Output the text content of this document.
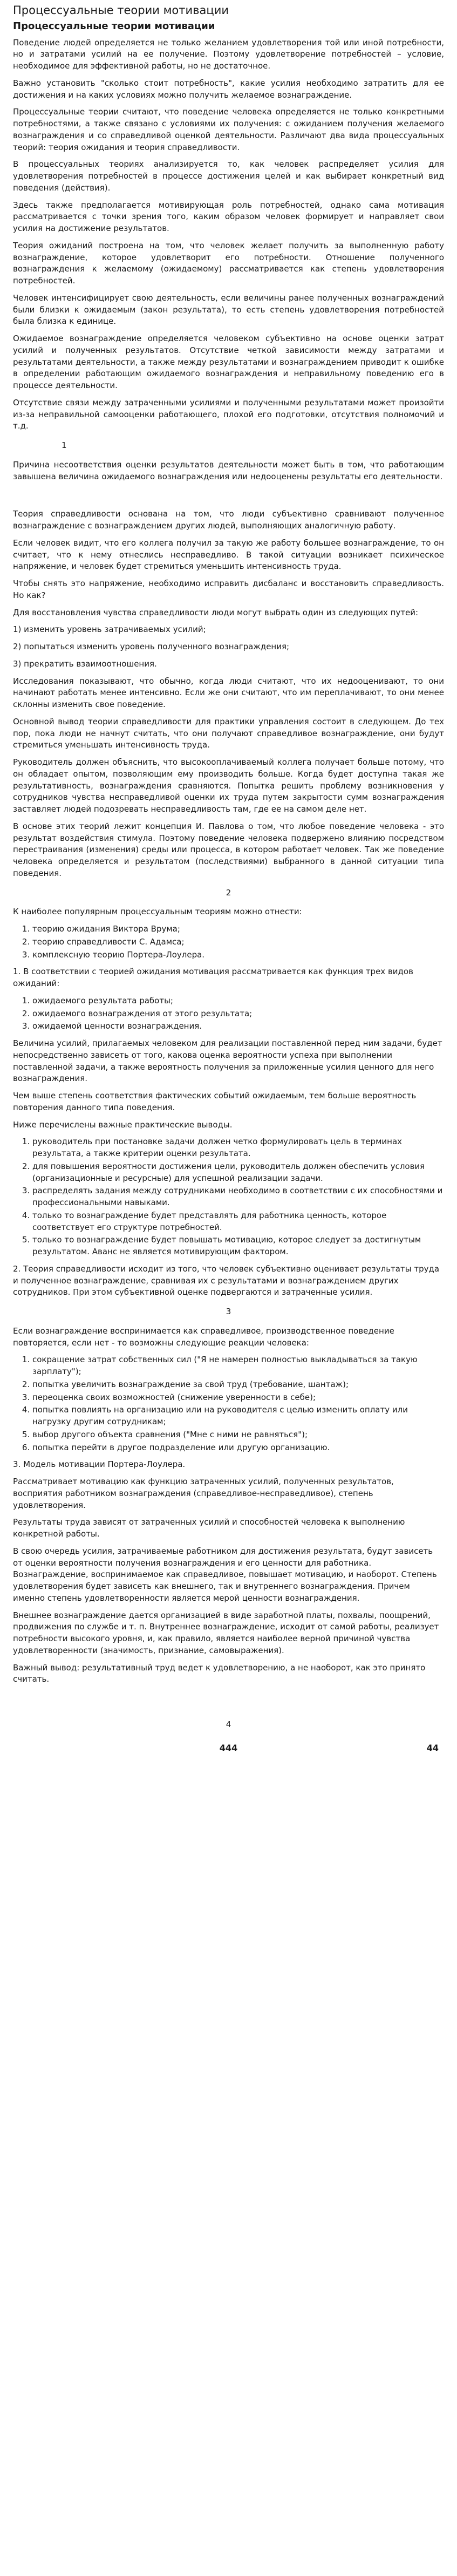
Процессуальные теории мотивации
Процессуальные теории мотивации

Поведение людей определяется не только желанием удовлетворения той или иной потребности, но и затратами усилий на ее получение. Поэтому удовлетворение потребностей – условие, необходимое для эффективной работы, но не достаточное.

Важно установить "сколько стоит потребность", какие усилия необходимо затратить для ее достижения и на каких условиях можно получить желаемое вознаграждение.

Процессуальные теории считают, что поведение человека определяется не только конкретными потребностями, а также связано с условиями их получения: с ожиданием получения желаемого вознаграждения и со справедливой оценкой деятельности. Различают два вида процессуальных теорий: теория ожидания и теория справедливости.

В процессуальных теориях анализируется то, как человек распределяет усилия для удовлетворения потребностей в процессе достижения целей и как выбирает конкретный вид поведения (действия).

Здесь также предполагается мотивирующая роль потребностей, однако сама мотивация рассматривается с точки зрения того, каким образом человек формирует и направляет свои усилия на достижение результатов.

Теория ожиданий построена на том, что человек желает получить за выполненную работу вознаграждение, которое удовлетворит его потребности. Отношение полученного вознаграждения к желаемому (ожидаемому) рассматривается как степень удовлетворения потребностей.

Человек интенсифицирует свою деятельность, если величины ранее полученных вознаграждений были близки к ожидаемым (закон результата), то есть степень удовлетворения потребностей была близка к единице.

Ожидаемое вознаграждение определяется человеком субъективно на основе оценки затрат усилий и полученных результатов. Отсутствие четкой зависимости между затратами и результатами деятельности, а также между результатами и вознаграждением приводит к ошибке в определении работающим ожидаемого вознаграждения и неправильному поведению его в процессе деятельности.

Отсутствие связи между затраченными усилиями и полученными результатами может произойти из-за неправильной самооценки работающего, плохой его подготовки, отсутствия полномочий и т.д.

1

Причина несоответствия оценки результатов деятельности может быть в том, что работающим завышена величина ожидаемого вознаграждения или недооценены результаты его деятельности.

Теория справедливости основана на том, что люди субъективно сравнивают полученное вознаграждение с вознаграждением других людей, выполняющих аналогичную работу.

Если человек видит, что его коллега получил за такую же работу большее вознаграждение, то он считает, что к нему отнеслись несправедливо. В такой ситуации возникает психическое напряжение, и человек будет стремиться уменьшить интенсивность труда.

Чтобы снять это напряжение, необходимо исправить дисбаланс и восстановить справедливость. Но как?

Для восстановления чувства справедливости люди могут выбрать один из следующих путей:

1) изменить уровень затрачиваемых усилий;

2) попытаться изменить уровень полученного вознаграждения;

3) прекратить взаимоотношения.

Исследования показывают, что обычно, когда люди считают, что их недооценивают, то они начинают работать менее интенсивно. Если же они считают, что им переплачивают, то они менее склонны изменить свое поведение.

Основной вывод теории справедливости для практики управления состоит в следующем. До тех пор, пока люди не начнут считать, что они получают справедливое вознаграждение, они будут стремиться уменьшать интенсивность труда.

Руководитель должен объяснить, что высокооплачиваемый коллега получает больше потому, что он обладает опытом, позволяющим ему производить больше. Когда будет доступна такая же результативность, вознаграждения сравняются. Попытка решить проблему возникновения у сотрудников чувства несправедливой оценки их труда путем закрытости сумм вознаграждения заставляет людей подозревать несправедливость там, где ее на самом деле нет.

В основе этих теорий лежит концепция И. Павлова о том, что любое поведение человека - это результат воздействия стимула. Поэтому поведение человека подвержено влиянию посредством перестраивания (изменения) среды или процесса, в котором работает человек. Так же поведение человека определяется и результатом (последствиями) выбранного в данной ситуации типа поведения.

2

К наиболее популярным процессуальным теориям можно отнести:

1. теорию ожидания Виктора Врума;
2. теорию справедливости С. Адамса;
3. комплексную теорию Портера-Лоулера.

1. В соответствии с теорией ожидания мотивация рассматривается как функция трех видов ожиданий:

1. ожидаемого результата работы;
2. ожидаемого вознаграждения от этого результата;
3. ожидаемой ценности вознаграждения.

Величина усилий, прилагаемых человеком для реализации поставленной перед ним задачи, будет непосредственно зависеть от того, какова оценка вероятности успеха при выполнении поставленной задачи, а также вероятность получения за приложенные усилия ценного для него вознаграждения.

Чем выше степень соответствия фактических событий ожидаемым, тем больше вероятность повторения данного типа поведения.

Ниже перечислены важные практические выводы.

1. руководитель при постановке задачи должен четко формулировать цель в терминах результата, а также критерии оценки результата.
2. для повышения вероятности достижения цели, руководитель должен обеспечить условия (организационные и ресурсные) для успешной реализации задачи.
3. распределять задания между сотрудниками необходимо в соответствии с их способностями и профессиональными навыками.
4. только то вознаграждение будет представлять для работника ценность, которое соответствует его структуре потребностей.
5. только то вознаграждение будет повышать мотивацию, которое следует за достигнутым результатом. Аванс не является мотивирующим фактором.

2. Теория справедливости исходит из того, что человек субъективно оценивает результаты труда и полученное вознаграждение, сравнивая их с результатами и вознаграждением других сотрудников. При этом субъективной оценке подвергаются и затраченные усилия.

3

Если вознаграждение воспринимается как справедливое, производственное поведение повторяется, если нет - то возможны следующие реакции человека:

1. сокращение затрат собственных сил ("Я не намерен полностью выкладываться за такую зарплату");
2. попытка увеличить вознаграждение за свой труд (требование, шантаж);
3. переоценка своих возможностей (снижение уверенности в себе);
4. попытка повлиять на организацию или на руководителя с целью изменить оплату или нагрузку другим сотрудникам;
5. выбор другого объекта сравнения ("Мне с ними не равняться");
6. попытка перейти в другое подразделение или другую организацию.

3. Модель мотивации Портера-Лоулера.

Рассматривает мотивацию как функцию затраченных усилий, полученных результатов, восприятия работником вознаграждения (справедливое-несправедливое), степень удовлетворения.

Результаты труда зависят от затраченных усилий и способностей человека к выполнению конкретной работы.

В свою очередь усилия, затрачиваемые работником для достижения результата, будут зависеть от оценки вероятности получения вознаграждения и его ценности для работника. Вознаграждение, воспринимаемое как справедливое, повышает мотивацию, и наоборот. Степень удовлетворения будет зависеть как внешнего, так и внутреннего вознаграждения. Причем именно степень удовлетворенности является мерой ценности вознаграждения.

Внешнее вознаграждение дается организацией в виде заработной платы, похвалы, поощрений, продвижения по службе и т. п. Внутреннее вознаграждение, исходит от самой работы, реализует потребности высокого уровня, и, как правило, является наиболее верной причиной чувства удовлетворенности (значимость, признание, самовыражения).

Важный вывод: результативный труд ведет к удовлетворению, а не наоборот, как это принято считать.

4
444	44
